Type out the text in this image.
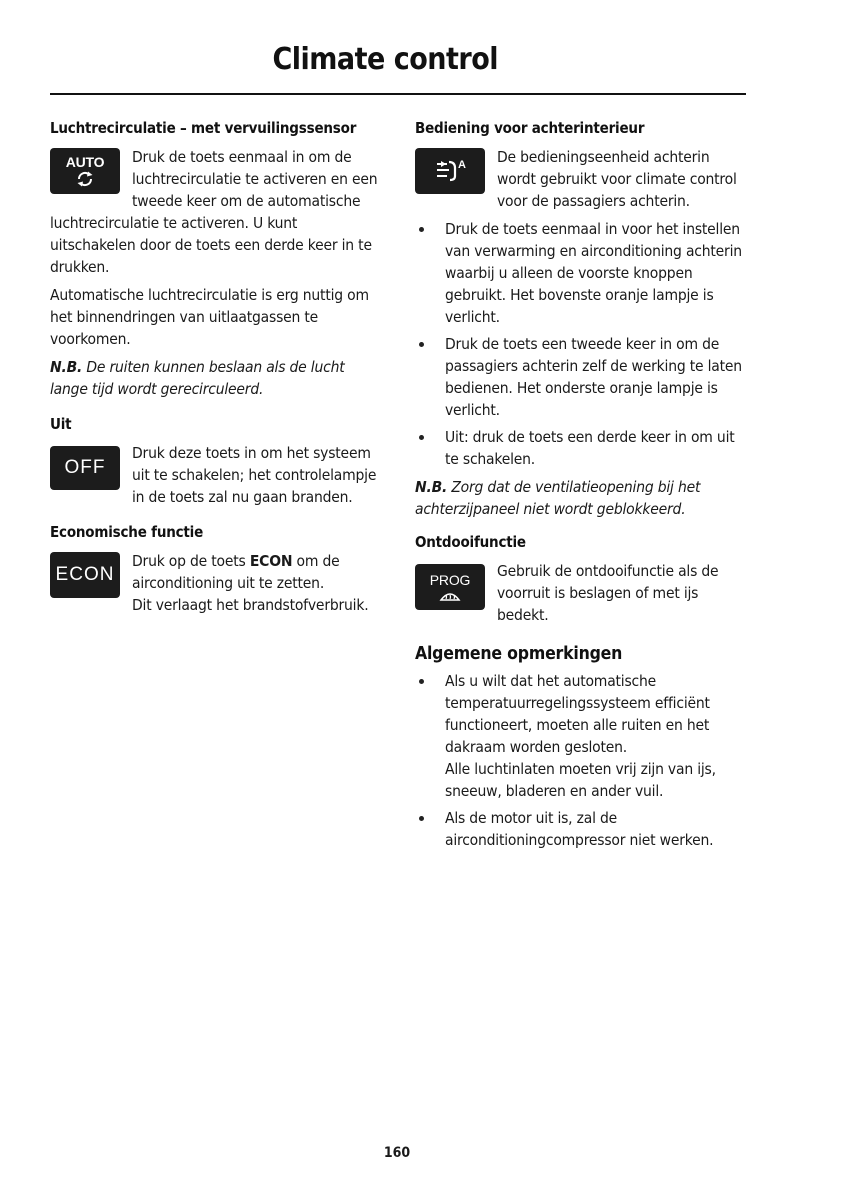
Climate control
Luchtrecirculatie – met vervuilingssensor
AUTO	Druk de toets eenmaal in om de luchtrecirculatie te activeren en een tweede keer om de automatische luchtrecirculatie te activeren. U kunt uitschakelen door de toets een derde keer in te drukken.

Automatische luchtrecirculatie is erg nuttig om het binnendringen van uitlaatgassen te voorkomen.

N.B. De ruiten kunnen beslaan als de lucht lange tijd wordt gerecirculeerd.

Uit
OFF

Druk deze toets in om het systeem uit te schakelen; het controlelampje in de toets zal nu gaan branden.

Economische functie
ECON

Druk op de toets ECON om de airconditioning uit te zetten.

Dit verlaagt het brandstofverbruik.

Bediening voor achterinterieur
A	De bedieningseenheid achterin wordt gebruikt voor climate control voor de passagiers achterin.

Druk de toets eenmaal in voor het instellen van verwarming en airconditioning achterin waarbij u alleen de voorste knoppen gebruikt. Het bovenste oranje lampje is verlicht.
Druk de toets een tweede keer in om de passagiers achterin zelf de werking te laten bedienen. Het onderste oranje lampje is verlicht.
Uit: druk de toets een derde keer in om uit te schakelen.

N.B. Zorg dat de ventilatieopening bij het achterzijpaneel niet wordt geblokkeerd.

Ontdooifunctie
PROG	Gebruik de ontdooifunctie als de voorruit is beslagen of met ijs bedekt.

Algemene opmerkingen
Als u wilt dat het automatische temperatuurregelingssysteem efficiënt functioneert, moeten alle ruiten en het dakraam worden gesloten.
Alle luchtinlaten moeten vrij zijn van ijs, sneeuw, bladeren en ander vuil.
Als de motor uit is, zal de airconditioningcompressor niet werken.
160
